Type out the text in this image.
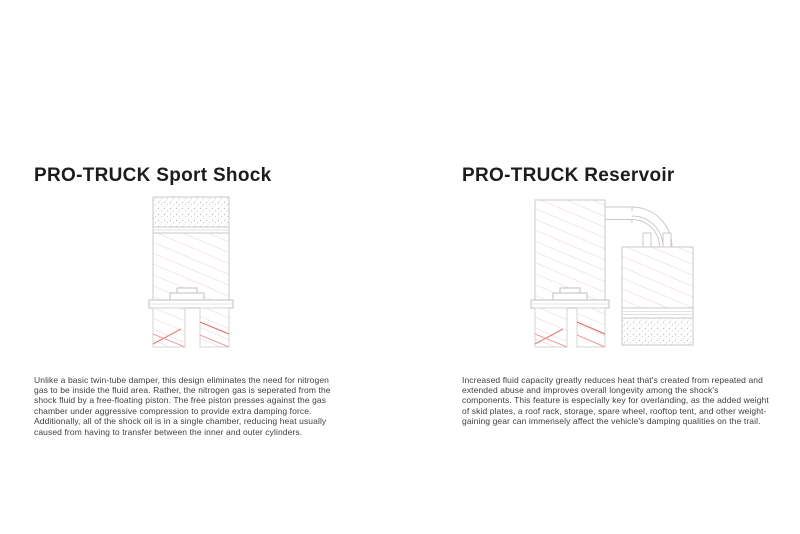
PRO-TRUCK Sport Shock	PRO-TRUCK Reservoir

Unlike a basic twin-tube damper, this design eliminates the need for nitrogen gas to be inside the fluid area. Rather, the nitrogen gas is seperated from the shock fluid by a free-floating piston. The free piston presses against the gas chamber under aggressive compression to provide extra damping force. Additionally, all of the shock oil is in a single chamber, reducing heat usually caused from having to transfer between the inner and outer cylinders.

Increased fluid capacity greatly reduces heat that's created from repeated and extended abuse and improves overall longevity among the shock's components. This feature is especially key for overlanding, as the added weight of skid plates, a roof rack, storage, spare wheel, rooftop tent, and other weight-gaining gear can immensely affect the vehicle's damping qualities on the trail.
